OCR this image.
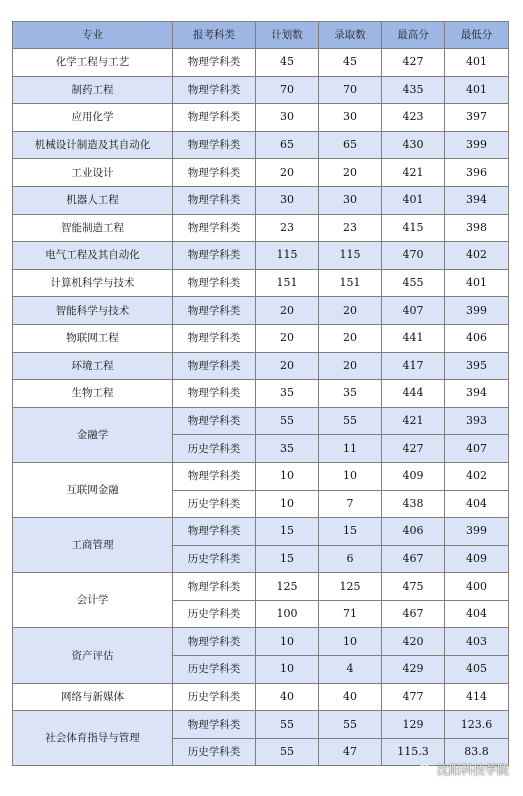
专业	报考科类	计划数	录取数	最高分	最低分
化学工程与工艺	物理学科类	45	45	427	401
制药工程	物理学科类	70	70	435	401
应用化学	物理学科类	30	30	423	397
机械设计制造及其自动化	物理学科类	65	65	430	399
工业设计	物理学科类	20	20	421	396
机器人工程	物理学科类	30	30	401	394
智能制造工程	物理学科类	23	23	415	398
电气工程及其自动化	物理学科类	115	115	470	402
计算机科学与技术	物理学科类	151	151	455	401
智能科学与技术	物理学科类	20	20	407	399
物联网工程	物理学科类	20	20	441	406
环境工程	物理学科类	20	20	417	395
生物工程	物理学科类	35	35	444	394
金融学	物理学科类	55	55	421	393
	历史学科类	35	11	427	407
互联网金融	物理学科类	10	10	409	402
	历史学科类	10	7	438	404
工商管理	物理学科类	15	15	406	399
	历史学科类	15	6	467	409
会计学	物理学科类	125	125	475	400
	历史学科类	100	71	467	404
资产评估	物理学科类	10	10	420	403
	历史学科类	10	4	429	405
网络与新媒体	历史学科类	40	40	477	414
社会体育指导与管理	物理学科类	55	55	129	123.6
	历史学科类	55	47	115.3	83.8
沈阳科技学院
